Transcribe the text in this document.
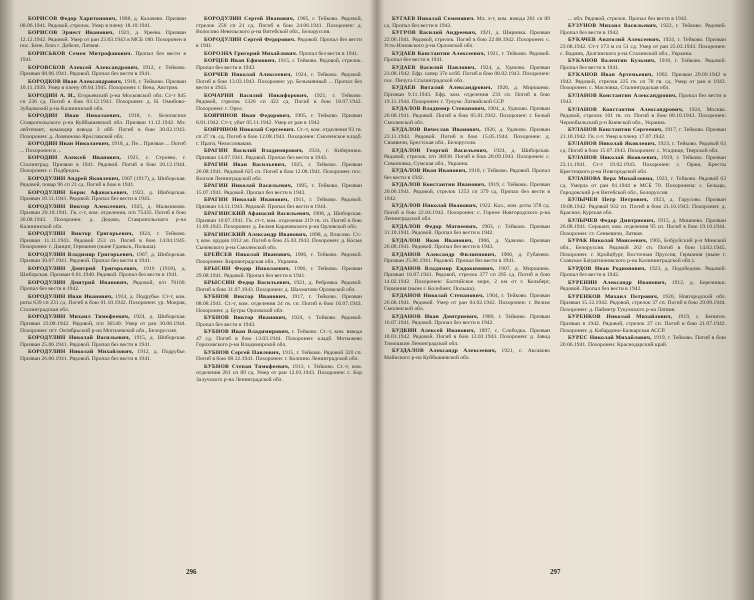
БОРИСОВ Федор Харитонович, 1908, д. Калачево. Призван 08.06.1941. Рядовой, стрелок. Умер в плену 18.10.1941.

БОРИСОВ Эрнест Иванович, 1921, д. Уреево. Призван 12.12.1942. Рядовой. Умер от ран 23.03.1943 в МСБ 180. Похоронен в пос. Бене, близ г. Добеле, Латвия.

БОРИСЬКОВ Семен Митрофанович. Пропал без вести в 1941.

БОРОВСКОВ Алексей Александрович, 1912, г. Тейково. Призван 08.06.1941. Рядовой. Пропал без вести в 1941.

БОРОДКОВ Иван Александрович, 1918, г. Тейково. Призван 10.11.1939. Умер в плену 09.04.1945. Похоронен: г. Вена, Австрия.

БОРОДИН А. И., Егорьевский р-на Московской обл. Ст-т 845 сп 236 сд. Погиб в бою 03.12.1941. Похоронен: д. Н. Омибово-Зубцовский р-на Калининской обл.

БОРОДИН Иван Николаевич, 1918, с. Безопасное Ставропольского р-на Куйбышевской обл. Призван 11.12.1942. Мл. лейтенант, командир взвода 3 обб. Погиб в бою 30.02.1943. Похоронен: д. Ловчиново Ярославской обл.

БОРОДИН Иван Николаевич, 1918, д. Пе... Призван ... Погиб ... Похоронен в ...

БОРОДИН Алексей Иванович, 1921, с. Строево, г. Сталинград. Призван в 1941. Рядовой. Погиб в бою 20.12.1944. Похоронен: г. Подбродзь.

БОРОДУЛИН Андрей Яковлевич, 1907 (1917), д. Шиборская. Рядовой, повар 96 сп 21 сд. Погиб в бою в 1941.

БОРОДУЛИН Борис Афанасьевич, 1923, д. Шиборская. Призван 10.11.1941. Рядовой. Пропал без вести в 1943.

БОРОДУЛИН Виктор Алексеевич, 1925, д. Мальчиково. Призван 20.10.1941. Гв. с-т, ком. отделения, п/п 75435. Погиб в бою 20.08.1943. Похоронен: д. Дедово, Ставропольского р-на Калининской обл.

БОРОДУЛИН Виктор Григорьевич, 1924, г. Тейково. Призван 11.11.1943. Рядовой 253 сп. Погиб в бою 14.04.1945. Похоронен: г. Данциг, Германия (ныне Гданьск, Польша).

БОРОДУЛИН Владимир Григорьевич, 1907, д. Шиборская. Призван 30.07.1941. Рядовой. Пропал без вести в 1941.

БОРОДУЛИН Дмитрий Григорьевич, 1916 (1918), д. Шиборская. Призван 6.01.1940. Рядовой. Пропал без вести в 1941.

БОРОДУЛИН Дмитрий Иванович, Рядовой, п/п 70160. Пропал без вести в 1942.

БОРОДУЛИН Иван Иванович, 1914, д. Подрубье. Ст-т, ком. роты 639 сп 231 сд. Погиб в бою 01.10.1942. Похоронен: ур. Мокрая, Сталинградская обл.

БОРОДУЛИН Михаил Тимофеевич, 1924, д. Шиборская. Призван 23.08.1942. Рядовой, п/п 36540. Умер от ран 30.06.1944. Похоронен: пгт. Октябрьский р-на Могилевской обл., Белоруссия.

БОРОДУЛИН Николай Васильевич, 1915, д. Шиборская. Призван 25.06.1941. Рядовой. Пропал без вести в 1941.

БОРОДУЛИН Николай Михайлович, 1912, д. Подрубье. Призван 26.06.1941. Рядовой. Пропал без вести в 1941.

БОРОДУЛИН Сергей Иванович, 1905, г. Тейково. Рядовой, стрелок 256 сп 21 сд. Погиб в бою 24.06.1941. Похоронен: д. Волосово Невельского р-на Витебской обл., Белоруссия.

БОРОДУЛИН Сергей Федорович. Рядовой. Пропал без вести в 1941.

БОРОЗНА Григорий Михайлович. Пропал без вести в 1941.

БОРЦЕВ Иван Ефимович, 1915, г. Тейково. Рядовой, стрелок. Пропал без вести в 1943.

БОРЧЕВ Николай Алексеевич, 1924, г. Тейково. Рядовой. Погиб в бою 13.03.1943. Похоронен: ур. Безымянный ... Пропал без вести в 1943.

БОЧАРНИ Василий Никифорович, 1921, г. Тейково. Рядовой, стрелок 1326 сп 422 сд. Погиб в бою 18.07.1942. Похоронен: г. Орел.

БОЯРИНОВ Иван Федорович, 1905, г. Тейково. Призван 6.01.1942. Ст-т, убит 05.11.1942. Умер от ран в 1942.

БОЯРИНОВ Николай Сергеевич. Ст.-т, ком. отделения 93 гв. сп 27 гв. сд. Погиб в бою 12.08.1943. Похоронен: Смоленское кладб. г. Праги, Чехословакия.

БРАГИН Василий Владимирович, 1924, г. Киберники. Призван 14.07.1941. Рядовой. Пропал без вести в 1943.

БРАГИН Иван Васильевич, 1925, г. Тейково. Призван 26.08.1941. Рядовой 625 сп. Погиб в бою 12.08.1941. Похоронен: пос. Волхов Ленинградской обл.

БРАГИН Николай Васильевич, 1905, г. Тейково. Призван 15.07.1941. Рядовой. Пропал без вести в 1943.

БРАГИН Николай Иванович, 1911, г. Тейково. Рядовой. Призван 14.11.1943. Рядовой. Пропал без вести в 1944.

БРАГИНСКИЙ Афанасий Васильевич, 1908, д. Шиборская. Призван 10.07.1941. Гв. ст-т, ком. отделения 219 гв. сп. Погиб в бою 11.09.1943. Похоронен: д. Белзея Карачевского р-на Орловской обл.

БРАГИНСКИЙ Александр Иванович, 1898, д. Власово. Ст.-т, ком. орудия 1012 ап. Погиб в бою 25.03.1943. Похоронен: д. Косые Сычевского р-на Смоленской обл.

БРЕЙСЕВ Николай Иванович, 1906, г. Тейково. Рядовой. Похоронен: Кировоградская обл., Украина.

БРЫСИН Федор Николаевич, 1906, г. Тейково. Призван 29.08.1941. Рядовой. Пропал без вести в 1941.

БРЫССИН Федор Васильевич, 1921, д. Ребровка. Рядовой. Погиб в бою 31.07.1943. Похоронен: д. Шахматово Орловской обл.

БУБНОВ Виктор Иванович, 1917, г. Тейково. Призван 08.08.1941. Ст.-т, ком. отделения 24 гв. сп. Погиб в бою 16.07.1943. Похоронен: д. Бугры Орловской обл.

БУБНОВ Виктор Иванович, 1924, г. Тейково. Рядовой. Пропал без вести в 1943.

БУБНОВ Иван Владимирович, г. Тейково. Ст.-т, ком. взвода 47 сд. Погиб в бою 13.03.1944. Похоронен: кладб. Мотыжево Гороховского р-на Владимирской обл.

БУБНОВ Сергей Павлович, 1915, г. Тейково. Рядовой 320 сп. Погиб в бою 08.12.1941. Похоронен: г. Колпино Ленинградской обл.

БУБНОВ Степан Тимофеевич, 1913, г. Тейково. Ст.-т, ком. отделения 261 сп 89 сд. Умер от ран 12.03.1943. Похоронен: с. Бор Залучского р-на Ленинградской обл.

296

БУГАЕВ Николай Семенович. Мл. л-т, ком. взвода 261 сп 89 сд. Пропал без вести в 1942.

БУГРОВ Василий Андреевич, 1921, д. Ширинка. Призван 22.06.1941. Рядовой, стрелок. Погиб в бою 22.08.1942. Похоронен: с. Усть-Изновского р-на Орловской обл.

БУДАЕВ Константин Алексеевич, 1921, г. Тейково. Рядовой. Пропал без вести в 1941.

БУДАЕВ Василий Павлович, 1924, д. Удачово. Призван 23.08.1942. Ефр. сапер 37е осбб. Погиб в бою 08.02.1943. Похоронен: пос. Пичуга Сталинградской обл.

БУДАЕВ Виталий Александрович, 1926, д. Мирошево. Призван 9.11.1943. Ефр. ком. отделения 233 сп. Погиб в бою 19.11.1944. Похоронен: г. Тукумс Латвийской ССР.

БУДАЛОВ Владимир Степанович, 1904, д. Удачово. Призван 26.08.1941. Рядовой. Погиб в бою 05.01.1942. Похоронен: г. Белый Смоленской обл.

БУДАЛОВ Вячеслав Иванович, 1926, д. Удачово. Призван 23.11.1943. Рядовой. Погиб в бою 15.05.1944. Похоронен: д. Своявичи, Брестская обл., Белоруссия.

БУДАЛОВ Георгий Васильевич, 1924, д. Шиборская. Рядовой, стрелок, п/п 36938. Погиб в бою 28.09.1943. Похоронен: с. Симоновка, Сумская обл., Украина.

БУДАЛОВ Иван Иванович, 1918, г. Тейково. Рядовой. Пропал без вести в 1942.

БУДАЛОВ Константин Иванович, 1919, г. Тейково. Призван 20.06.1941. Рядовой, стрелок 1253 сп 379 сд. Пропал без вести в 1942.

БУДАЛОВ Николай Иванович, 1922. Кал., ком. роты 378 сд. Погиб в бою 22.04.1942. Похоронен: с. Горное Новгородского р-на Ленинградской обл.

БУДАЛОВ Федор Матвеевич, 1903, г. Тейково. Призван 31.10.1941. Рядовой. Пропал без вести в 1942.

БУДАЛОВ Яков Иванович, 1906, д. Удачово. Призван 26.08.1941. Рядовой. Пропал без вести в 1943.

БУДАНОВ Александр Филиппович, 1906, д. Губачево. Призван 25.06.1941. Рядовой. Пропал без вести в 1941.

БУДАНОВ Владимир Евдокимович, 1907, д. Мирошево. Призван 16.07.1941. Рядовой, стрелок 377 сп 205 сд. Погиб в бою 14.02.1942. Похоронен: Балтийское море, 2 км от г. Кольберг, Германия (ныне г. Колобжег, Польша).

БУДАНОВ Николай Степанович, 1904, г. Тейково. Призван 26.08.1941. Рядовой. Умер от ран 04.02.1942. Похоронен: г. Велиж Смоленской обл.

БУДАНОВ Иван Дмитриевич, 1900, г. Тейково. Призван 16.07.1941. Рядовой. Пропал без вести в 1942.

БУДКИН Алексей Иванович, 1897, с. Слободка. Призван 18.03.1942. Рядовой. Погиб в бою 12.02.1943. Похоронен: д. Завод Тимошкин Ленинградской обл.

БУЗДАЛОВ Александр Алексеевич, 1921, с. Аксаково Майнского р-на Куйбышевской обл.

... обл. Рядовой, стрелок. Пропал без вести в 1942.

БУЗУНОВ Михаил Васильевич, 1922, г. Тейково. Рядовой. Пропал без вести в 1942.

БУКАЧЕВ Анатолий Алексеевич, 1924, г. Тейково. Призван 23.08.1942. Ст-т 173 м сп 51 сд. Умер от ран 25.03.1943. Похоронен: с. Вадник, Долгинского р-на Сталинской обл., Украина.

БУКАНОВ Валентин Кузьмич, 1916, г. Тейково. Рядовой. Пропал без вести в 1941.

БУКАНОВ Иван Артемьевич, 1902. Призван 29.09.1942 в 1942. Рядовой, стрелок 225 гв. сп 78 гв. сд. Умер от ран в 1943. Похоронен: с. Масловка, Сталинградская обл.

БУЛАНОВ Константин Александрович, Пропал без вести в 1943.

БУЛАНОВ Константин Александрович, 1924, Москва. Рядовой, стрелок 101 гв. сп. Погиб в бою 08.10.1943. Похоронен: Чернобыльский р-н Киевской обл., Украина.

БУЛАНОВ Константин Сергеевич, 1917, г. Тейково. Призван 21.10.1942. Гв. с-т. Умер в плену 17.07.1942.

БУЛАНОВ Николай Яковлевич, 1923, г. Тейково. Рядовой 63 сд. Погиб в бою 15.07.1943. Похоронен: с. Усадище, Тверской обл.

БУЛАНОВ Николай Яковлевич, 1919, г. Тейково. Призван 23.11.1941. Ст-т 19.02.1943. Похоронен: с. Оржи, Кресты Крестецкого р-на Новгородской обл.

БУЛАНОВА Вера Михайловна, 1923, г. Тейково. Рядовой 63 сд. Умерла от ран 01.1944 в МСБ 70. Похоронена: с. Бельцы, Городокский р-н Витебской обл., Белоруссия.

БУЛЫЧЕВ Петр Петрович, 1923, д. Гарусово. Призван 19.08.1942. Рядовой 932 сп. Погиб в бою 21.10.1943. Похоронен: д. Красное, Курская обл.

БУЛЫЧЕВ Федор Дмитриевич, 1915, д. Мишнево. Призван 26.08.1941. Сержант, ком. отделения 95 сп. Погиб в бою 19.10.1944. Похоронен: ст. Сенкевичи, Латвия.

БУРАК Николай Моисеевич, 1905, Бобруйский р-н Минской обл., Белоруссия. Рядовой 262 сп. Погиб в бою 14.02.1945. Похоронен: г. Кройцбург, Восточная Пруссия, Германия (ныне г. Славское Багратионовского р-на Калининградской обл.).

БУРДОВ Иван Родионович, 1923, д. Подобедово. Рядовой. Пропал без вести в 1942.

БУРЕНИН Александр Иванович, 1912, д. Березники. Рядовой. Пропал без вести в 1942.

БУРЕНКОВ Михаил Петрович, 1920, Новгородской обл. Призван 15.12.1942. Рядовой, стрелок 37 сп. Погиб в бою 29.09.1944. Похоронен: д. Пайметр Тукумского р-на Латвия.

БУРЕНКОВ Николай Михайлович, 1919, с. Бенигеи. Призван в 1942. Рядовой, стрелок 27 сп. Погиб в бою 21.07.1942. Похоронен: д. Кабардино-Балкарская АССР.

БУРЕС Николай Михайлович, 1919, г. Тейково. Погиб в бою 20.06.1941. Похоронен: Краснодарский край.

297
